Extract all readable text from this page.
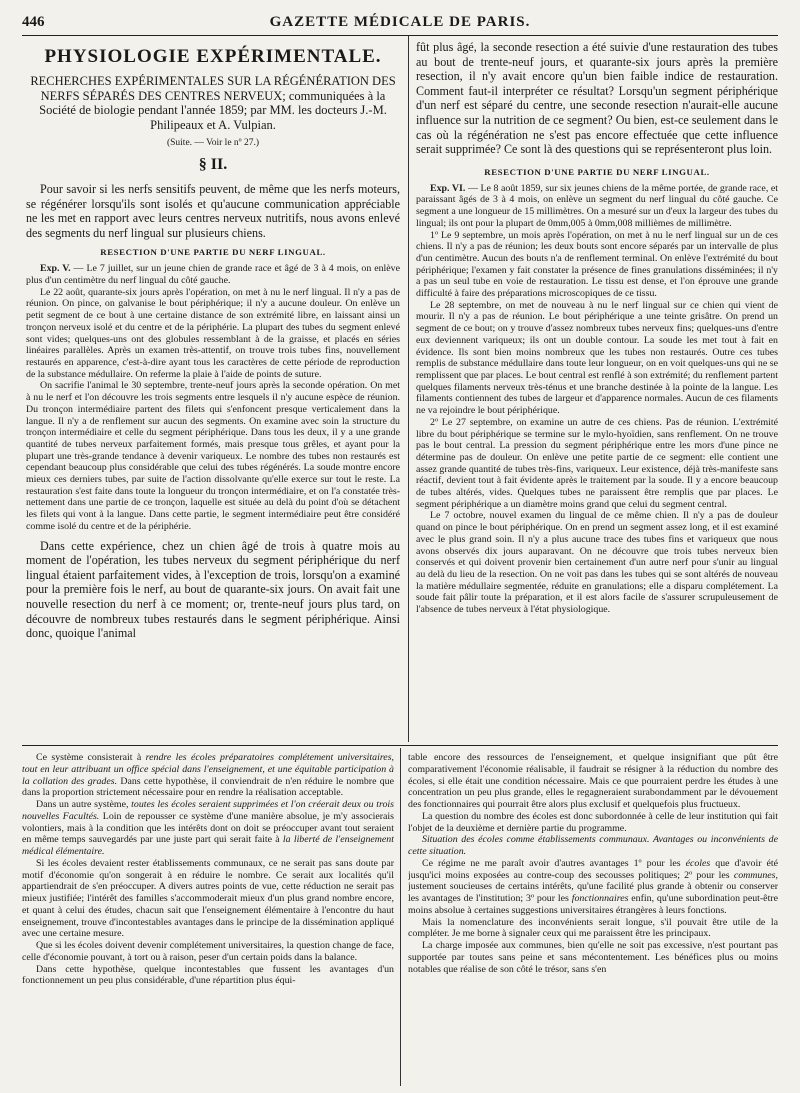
446	GAZETTE MÉDICALE DE PARIS.
PHYSIOLOGIE EXPÉRIMENTALE.
RECHERCHES EXPÉRIMENTALES SUR LA RÉGÉNÉRATION DES NERFS SÉPARÉS DES CENTRES NERVEUX; communiquées à la Société de biologie pendant l'année 1859; par MM. les docteurs J.-M. Philipeaux et A. Vulpian.
(Suite. — Voir le nº 27.)
§ II.

Pour savoir si les nerfs sensitifs peuvent, de même que les nerfs moteurs, se régénérer lorsqu'ils sont isolés et qu'aucune communication appréciable ne les met en rapport avec leurs centres nerveux nutritifs, nous avons enlevé des segments du nerf lingual sur plusieurs chiens.

RESECTION D'UNE PARTIE DU NERF LINGUAL.

Exp. V. — Le 7 juillet, sur un jeune chien de grande race et âgé de 3 à 4 mois, on enlève plus d'un centimètre du nerf lingual du côté gauche.

Le 22 août, quarante-six jours après l'opération, on met à nu le nerf lingual. Il n'y a pas de réunion. On pince, on galvanise le bout périphérique; il n'y a aucune douleur. On enlève un petit segment de ce bout à une certaine distance de son extrémité libre, en laissant ainsi un tronçon nerveux isolé et du centre et de la périphérie. La plupart des tubes du segment enlevé sont vides; quelques-uns ont des globules ressemblant à de la graisse, et placés en séries linéaires parallèles. Après un examen très-attentif, on trouve trois tubes fins, nouvellement restaurés en apparence, c'est-à-dire ayant tous les caractères de cette période de reproduction de la substance médullaire. On referme la plaie à l'aide de points de suture.

On sacrifie l'animal le 30 septembre, trente-neuf jours après la seconde opération. On met à nu le nerf et l'on découvre les trois segments entre lesquels il n'y aucune espèce de réunion. Du tronçon intermédiaire partent des filets qui s'enfoncent presque verticalement dans la langue. Il n'y a de renflement sur aucun des segments. On examine avec soin la structure du tronçon intermédiaire et celle du segment périphérique. Dans tous les deux, il y a une grande quantité de tubes nerveux parfaitement formés, mais presque tous grêles, et ayant pour la plupart une très-grande tendance à devenir variqueux. Le nombre des tubes non restaurés est cependant beaucoup plus considérable que celui des tubes régénérés. La soude montre encore mieux ces derniers tubes, par suite de l'action dissolvante qu'elle exerce sur tout le reste. La restauration s'est faite dans toute la longueur du tronçon intermédiaire, et on l'a constatée très-nettement dans une partie de ce tronçon, laquelle est située au delà du point d'où se détachent les filets qui vont à la langue. Dans cette partie, le segment intermédiaire peut être considéré comme isolé du centre et de la périphérie.

Dans cette expérience, chez un chien âgé de trois à quatre mois au moment de l'opération, les tubes nerveux du segment périphérique du nerf lingual étaient parfaitement vides, à l'exception de trois, lorsqu'on a examiné pour la première fois le nerf, au bout de quarante-six jours. On avait fait une nouvelle resection du nerf à ce moment; or, trente-neuf jours plus tard, on découvre de nombreux tubes restaurés dans le segment périphérique. Ainsi donc, quoique l'animal

fût plus âgé, la seconde resection a été suivie d'une restauration des tubes au bout de trente-neuf jours, et quarante-six jours après la première resection, il n'y avait encore qu'un bien faible indice de restauration. Comment faut-il interpréter ce résultat? Lorsqu'un segment périphérique d'un nerf est séparé du centre, une seconde resection n'aurait-elle aucune influence sur la nutrition de ce segment? Ou bien, est-ce seulement dans le cas où la régénération ne s'est pas encore effectuée que cette influence serait supprimée? Ce sont là des questions qui se représenteront plus loin.

RESECTION D'UNE PARTIE DU NERF LINGUAL.

Exp. VI. — Le 8 août 1859, sur six jeunes chiens de la même portée, de grande race, et paraissant âgés de 3 à 4 mois, on enlève un segment du nerf lingual du côté gauche. Ce segment a une longueur de 15 millimètres. On a mesuré sur un d'eux la largeur des tubes du lingual; ils ont pour la plupart de 0mm,005 à 0mm,008 millièmes de millimètre.

1º Le 9 septembre, un mois après l'opération, on met à nu le nerf lingual sur un de ces chiens. Il n'y a pas de réunion; les deux bouts sont encore séparés par un intervalle de plus d'un centimètre. Aucun des bouts n'a de renflement terminal. On enlève l'extrémité du bout périphérique; l'examen y fait constater la présence de fines granulations disséminées; il n'y a pas un seul tube en voie de restauration. Le tissu est dense, et l'on éprouve une grande difficulté à faire des préparations microscopiques de ce tissu.

Le 28 septembre, on met de nouveau à nu le nerf lingual sur ce chien qui vient de mourir. Il n'y a pas de réunion. Le bout périphérique a une teinte grisâtre. On prend un segment de ce bout; on y trouve d'assez nombreux tubes nerveux fins; quelques-uns d'entre eux deviennent variqueux; ils ont un double contour. La soude les met tout à fait en évidence. Ils sont bien moins nombreux que les tubes non restaurés. Outre ces tubes remplis de substance médullaire dans toute leur longueur, on en voit quelques-uns qui ne se remplissent que par places. Le bout central est renflé à son extrémité; du renflement partent quelques filaments nerveux très-ténus et une branche destinée à la pointe de la langue. Les filaments contiennent des tubes de largeur et d'apparence normales. Aucun de ces filaments ne va rejoindre le bout périphérique.

2º Le 27 septembre, on examine un autre de ces chiens. Pas de réunion. L'extrémité libre du bout périphérique se termine sur le mylo-hyoïdien, sans renflement. On ne trouve pas le bout central. La pression du segment périphérique entre les mors d'une pince ne détermine pas de douleur. On enlève une petite partie de ce segment: elle contient une assez grande quantité de tubes très-fins, variqueux. Leur existence, déjà très-manifeste sans réactif, devient tout à fait évidente après le traitement par la soude. Il y a encore beaucoup de tubes altérés, vides. Quelques tubes ne paraissent être remplis que par places. Le segment périphérique a un diamètre moins grand que celui du segment central.

Le 7 octobre, nouvel examen du lingual de ce même chien. Il n'y a pas de douleur quand on pince le bout périphérique. On en prend un segment assez long, et il est examiné avec le plus grand soin. Il n'y a plus aucune trace des tubes fins et variqueux que nous avons observés dix jours auparavant. On ne découvre que trois tubes nerveux bien conservés et qui doivent provenir bien certainement d'un autre nerf pour s'unir au lingual au delà du lieu de la resection. On ne voit pas dans les tubes qui se sont altérés de nouveau la matière médullaire segmentée, réduite en granulations; elle a disparu complétement. La soude fait pâlir toute la préparation, et il est alors facile de s'assurer scrupuleusement de l'absence de tubes nerveux à l'état physiologique.

Ce système consisterait à rendre les écoles préparatoires complétement universitaires, tout en leur attribuant un office spécial dans l'enseignement, et une équitable participation à la collation des grades. Dans cette hypothèse, il conviendrait de n'en réduire le nombre que dans la proportion strictement nécessaire pour en rendre la réalisation acceptable.

Dans un autre système, toutes les écoles seraient supprimées et l'on créerait deux ou trois nouvelles Facultés. Loin de repousser ce système d'une manière absolue, je m'y associerais volontiers, mais à la condition que les intérêts dont on doit se préoccuper avant tout seraient en même temps sauvegardés par une juste part qui serait faite à la liberté de l'enseignement médical élémentaire.

Si les écoles devaient rester établissements communaux, ce ne serait pas sans doute par motif d'économie qu'on songerait à en réduire le nombre. Ce serait aux localités qu'il appartiendrait de s'en préoccuper. A divers autres points de vue, cette réduction ne serait pas mieux justifiée; l'intérêt des familles s'accommoderait mieux d'un plus grand nombre encore, et quant à celui des études, chacun sait que l'enseignement élémentaire à l'encontre du haut enseignement, trouve d'incontestables avantages dans le principe de la dissémination appliqué avec une certaine mesure.

Que si les écoles doivent devenir complétement universitaires, la question change de face, celle d'économie pouvant, à tort ou à raison, peser d'un certain poids dans la balance.

Dans cette hypothèse, quelque incontestables que fussent les avantages d'un fonctionnement un peu plus considérable, d'une répartition plus équi-

table encore des ressources de l'enseignement, et quelque insignifiant que pût être comparativement l'économie réalisable, il faudrait se résigner à la réduction du nombre des écoles, si elle était une condition nécessaire. Mais ce que pourraient perdre les études à une concentration un peu plus grande, elles le regagneraient surabondamment par le dévouement des fonctionnaires qui pourrait être alors plus exclusif et quelquefois plus fructueux.

La question du nombre des écoles est donc subordonnée à celle de leur institution qui fait l'objet de la deuxième et dernière partie du programme.

Situation des écoles comme établissements communaux. Avantages ou inconvénients de cette situation.

Ce régime ne me paraît avoir d'autres avantages 1º pour les écoles que d'avoir été jusqu'ici moins exposées au contre-coup des secousses politiques; 2º pour les communes, justement soucieuses de certains intérêts, qu'une facilité plus grande à obtenir ou conserver les avantages de l'institution; 3º pour les fonctionnaires enfin, qu'une subordination peut-être moins absolue à certaines suggestions universitaires étrangères à leurs fonctions.

Mais la nomenclature des inconvénients serait longue, s'il pouvait être utile de la compléter. Je me borne à signaler ceux qui me paraissent être les principaux.

La charge imposée aux communes, bien qu'elle ne soit pas excessive, n'est pourtant pas supportée par toutes sans peine et sans mécontentement. Les bénéfices plus ou moins notables que réalise de son côté le trésor, sans s'en
